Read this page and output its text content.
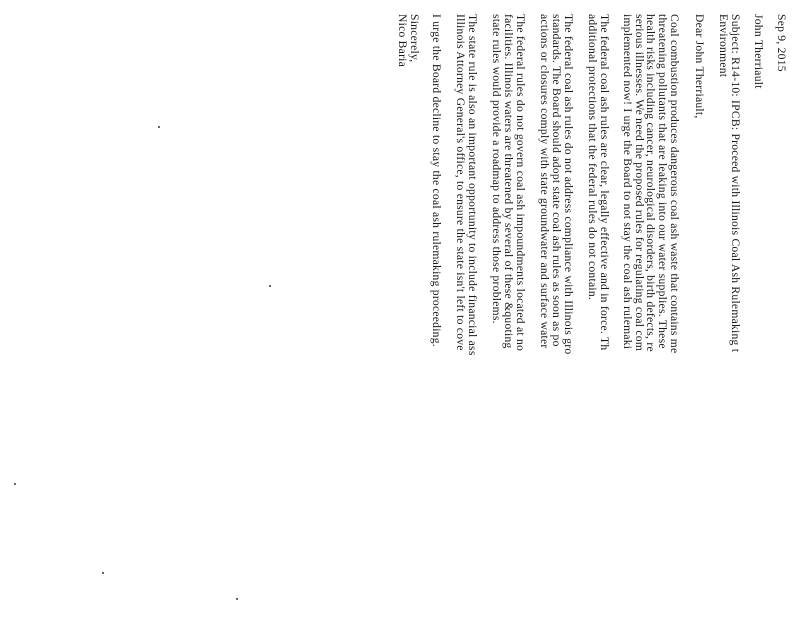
Sep 9, 2015
John Therriault
Subject: R14-10: IPCB: Proceed with Illinois Coal Ash Rulemaking t
Environment
Dear John Therriault,
Coal combustion produces dangerous coal ash waste that contains me
threatening pollutants that are leaking into our water supplies. These
health risks including cancer, neurological disorders, birth defects, re
serious illnesses. We need the proposed rules for regulating coal com
implemented now! I urge the Board to not stay the coal ash rulemaki
The federal coal ash rules are clear, legally effective and in force. Th
additional protections that the federal rules do not contain.
The federal coal ash rules do not address compliance with Illinois gro
standards. The Board should adopt state coal ash rules as soon as po
actions or closures comply with state groundwater and surface water
The federal rules do not govern coal ash impoundments located at no
facilities. Illinois waters are threatened by several of these &quoting
state rules would provide a roadmap to address those problems.
The state rule is also an important opportunity to include financial ass
Illinois Attorney General's office, to ensure the state isn't left to cove
I urge the Board decline to stay the coal ash rulemaking proceeding.
Sincerely,
Nico Baria
